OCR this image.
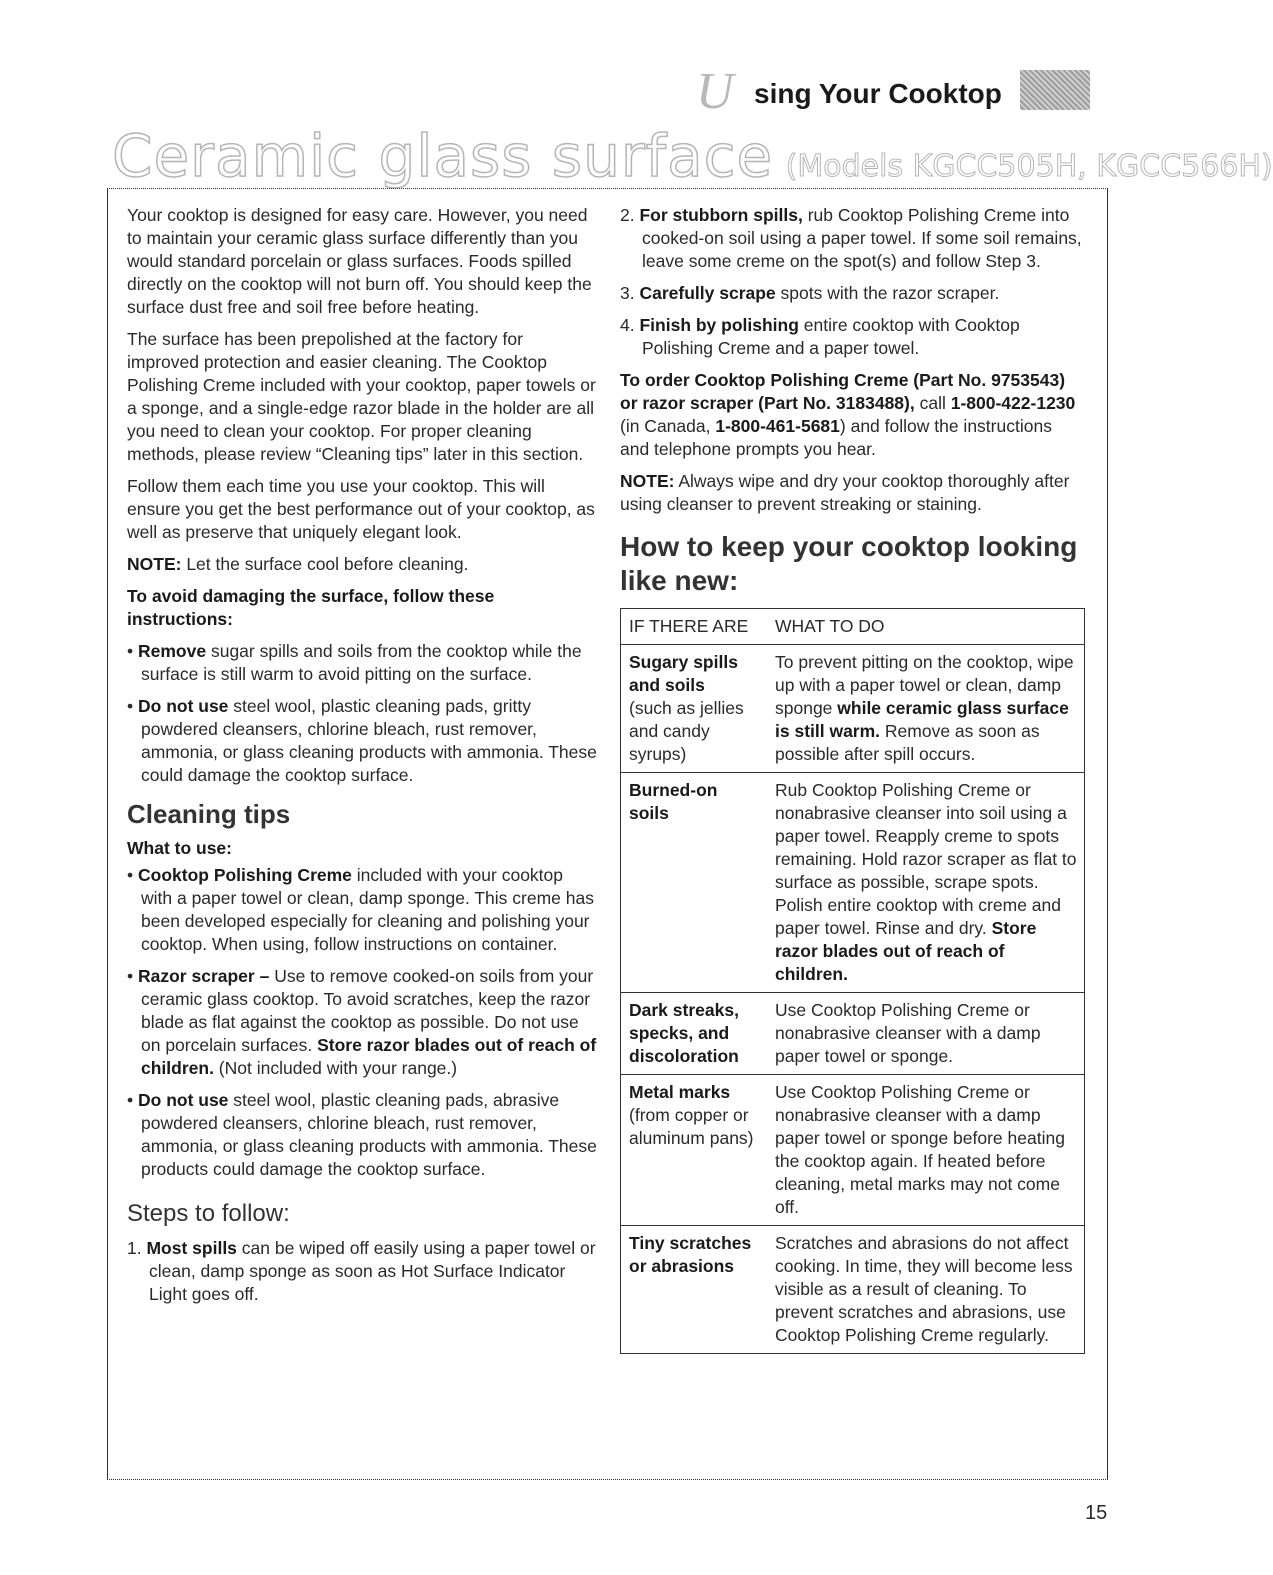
U sing Your Cooktop
Ceramic glass surface (Models KGCC505H, KGCC566H)

Your cooktop is designed for easy care. However, you need to maintain your ceramic glass surface differently than you would standard porcelain or glass surfaces. Foods spilled directly on the cooktop will not burn off. You should keep the surface dust free and soil free before heating.

The surface has been prepolished at the factory for improved protection and easier cleaning. The Cooktop Polishing Creme included with your cooktop, paper towels or a sponge, and a single-edge razor blade in the holder are all you need to clean your cooktop. For proper cleaning methods, please review “Cleaning tips” later in this section.

Follow them each time you use your cooktop. This will ensure you get the best performance out of your cooktop, as well as preserve that uniquely elegant look.

NOTE: Let the surface cool before cleaning.

To avoid damaging the surface, follow these instructions:

• Remove sugar spills and soils from the cooktop while the surface is still warm to avoid pitting on the surface.

• Do not use steel wool, plastic cleaning pads, gritty powdered cleansers, chlorine bleach, rust remover, ammonia, or glass cleaning products with ammonia. These could damage the cooktop surface.

Cleaning tips

What to use:

• Cooktop Polishing Creme included with your cooktop with a paper towel or clean, damp sponge. This creme has been developed especially for cleaning and polishing your cooktop. When using, follow instructions on container.

• Razor scraper – Use to remove cooked-on soils from your ceramic glass cooktop. To avoid scratches, keep the razor blade as flat against the cooktop as possible. Do not use on porcelain surfaces. Store razor blades out of reach of children. (Not included with your range.)

• Do not use steel wool, plastic cleaning pads, abrasive powdered cleansers, chlorine bleach, rust remover, ammonia, or glass cleaning products with ammonia. These products could damage the cooktop surface.

Steps to follow:

1. Most spills can be wiped off easily using a paper towel or clean, damp sponge as soon as Hot Surface Indicator Light goes off.

2. For stubborn spills, rub Cooktop Polishing Creme into cooked-on soil using a paper towel. If some soil remains, leave some creme on the spot(s) and follow Step 3.

3. Carefully scrape spots with the razor scraper.

4. Finish by polishing entire cooktop with Cooktop Polishing Creme and a paper towel.

To order Cooktop Polishing Creme (Part No. 9753543) or razor scraper (Part No. 3183488), call 1-800-422-1230 (in Canada, 1-800-461-5681) and follow the instructions and telephone prompts you hear.

NOTE: Always wipe and dry your cooktop thoroughly after using cleanser to prevent streaking or staining.

How to keep your cooktop looking like new:
IF THERE ARE	WHAT TO DO
Sugary spills and soils
(such as jellies and candy syrups)	To prevent pitting on the cooktop, wipe up with a paper towel or clean, damp sponge while ceramic glass surface is still warm. Remove as soon as possible after spill occurs.
Burned-on soils	Rub Cooktop Polishing Creme or nonabrasive cleanser into soil using a paper towel. Reapply creme to spots remaining. Hold razor scraper as flat to surface as possible, scrape spots. Polish entire cooktop with creme and paper towel. Rinse and dry. Store razor blades out of reach of children.
Dark streaks, specks, and discoloration	Use Cooktop Polishing Creme or nonabrasive cleanser with a damp paper towel or sponge.
Metal marks
(from copper or aluminum pans)	Use Cooktop Polishing Creme or nonabrasive cleanser with a damp paper towel or sponge before heating the cooktop again. If heated before cleaning, metal marks may not come off.
Tiny scratches or abrasions	Scratches and abrasions do not affect cooking. In time, they will become less visible as a result of cleaning. To prevent scratches and abrasions, use Cooktop Polishing Creme regularly.
15
